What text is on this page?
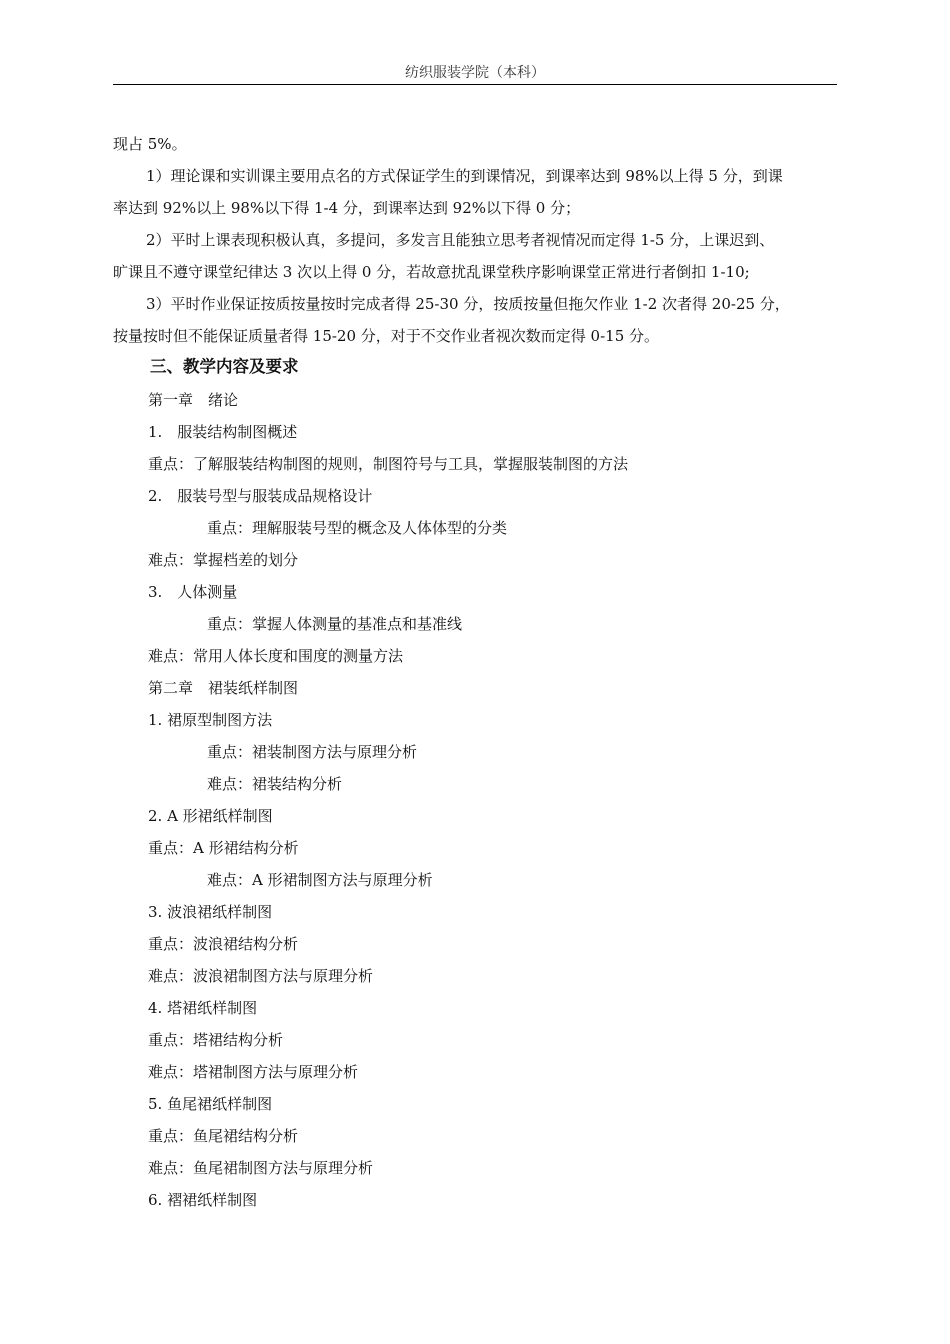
纺织服装学院（本科）
现占 5%。
1）理论课和实训课主要用点名的方式保证学生的到课情况，到课率达到 98%以上得 5 分，到课
率达到 92%以上 98%以下得 1-4 分，到课率达到 92%以下得 0 分；
2）平时上课表现积极认真，多提问，多发言且能独立思考者视情况而定得 1-5 分，上课迟到、
旷课且不遵守课堂纪律达 3 次以上得 0 分，若故意扰乱课堂秩序影响课堂正常进行者倒扣 1-10;
3）平时作业保证按质按量按时完成者得 25-30 分，按质按量但拖欠作业 1-2 次者得 20-25 分，
按量按时但不能保证质量者得 15-20 分，对于不交作业者视次数而定得 0-15 分。
三、教学内容及要求
第一章　绪论
1.　服装结构制图概述
重点：了解服装结构制图的规则，制图符号与工具，掌握服装制图的方法
2.　服装号型与服装成品规格设计
重点：理解服装号型的概念及人体体型的分类
难点：掌握档差的划分
3.　人体测量
重点：掌握人体测量的基准点和基准线
难点：常用人体长度和围度的测量方法
第二章　裙装纸样制图
1. 裙原型制图方法
重点：裙装制图方法与原理分析
难点：裙装结构分析
2. A 形裙纸样制图
重点：A 形裙结构分析
难点：A 形裙制图方法与原理分析
3. 波浪裙纸样制图
重点：波浪裙结构分析
难点：波浪裙制图方法与原理分析
4. 塔裙纸样制图
重点：塔裙结构分析
难点：塔裙制图方法与原理分析
5. 鱼尾裙纸样制图
重点：鱼尾裙结构分析
难点：鱼尾裙制图方法与原理分析
6. 褶裙纸样制图
